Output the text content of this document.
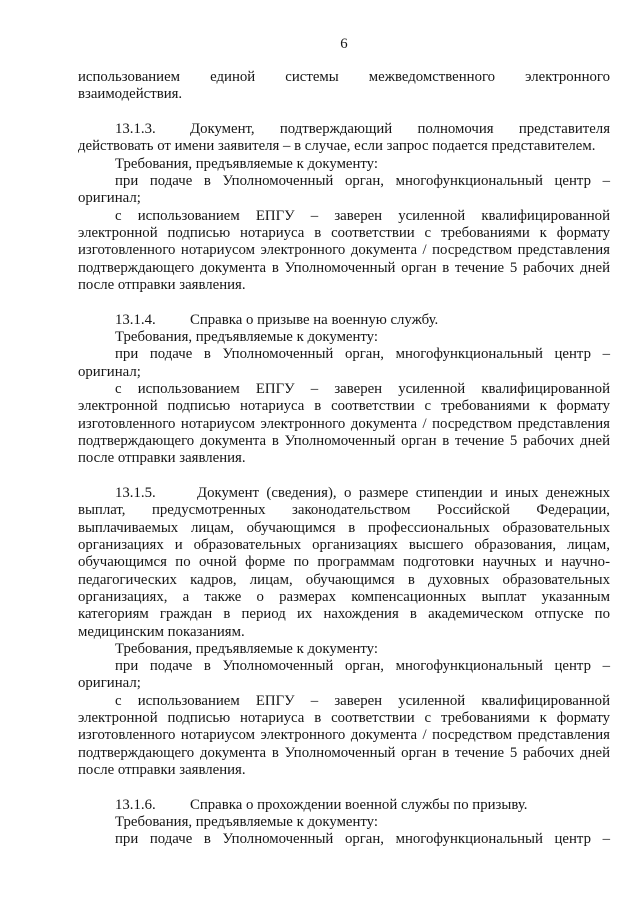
6
использованием единой системы межведомственного электронного
взаимодействия.
13.1.3. Документ, подтверждающий полномочия представителя
действовать от имени заявителя – в случае, если запрос подается представителем.
Требования, предъявляемые к документу:
при подаче в Уполномоченный орган, многофункциональный центр –
оригинал;
с использованием ЕПГУ – заверен усиленной квалифицированной
электронной подписью нотариуса в соответствии с требованиями к формату
изготовленного нотариусом электронного документа / посредством представления
подтверждающего документа в Уполномоченный орган в течение 5 рабочих дней
после отправки заявления.
13.1.4. Справка о призыве на военную службу.
Требования, предъявляемые к документу:
при подаче в Уполномоченный орган, многофункциональный центр –
оригинал;
с использованием ЕПГУ – заверен усиленной квалифицированной
электронной подписью нотариуса в соответствии с требованиями к формату
изготовленного нотариусом электронного документа / посредством представления
подтверждающего документа в Уполномоченный орган в течение 5 рабочих дней
после отправки заявления.
13.1.5.	Документ (сведения), о размере стипендии и иных денежных
выплат, предусмотренных законодательством Российской Федерации,
выплачиваемых лицам, обучающимся в профессиональных образовательных
организациях и образовательных организациях высшего образования, лицам,
обучающимся по очной форме по программам подготовки научных и научно-
педагогических кадров, лицам, обучающимся в духовных образовательных
организациях, а также о размерах компенсационных выплат указанным
категориям граждан в период их нахождения в академическом отпуске по
медицинским показаниям.
Требования, предъявляемые к документу:
при подаче в Уполномоченный орган, многофункциональный центр –
оригинал;
с использованием ЕПГУ – заверен усиленной квалифицированной
электронной подписью нотариуса в соответствии с требованиями к формату
изготовленного нотариусом электронного документа / посредством представления
подтверждающего документа в Уполномоченный орган в течение 5 рабочих дней
после отправки заявления.
13.1.6. Справка о прохождении военной службы по призыву.
Требования, предъявляемые к документу:
при подаче в Уполномоченный орган, многофункциональный центр –
